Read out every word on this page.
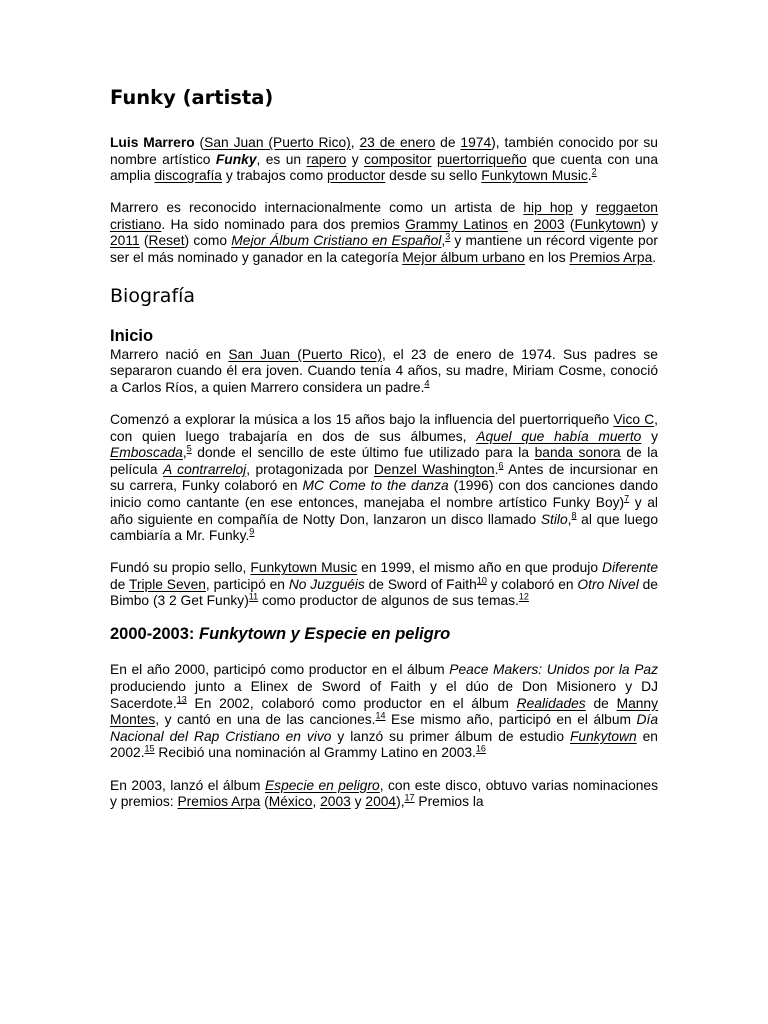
Funky (artista)

Luis Marrero (San Juan (Puerto Rico), 23 de enero de 1974), también conocido por su nombre artístico Funky, es un rapero y compositor puertorriqueño que cuenta con una amplia discografía y trabajos como productor desde su sello Funkytown Music.$^2$

Marrero es reconocido internacionalmente como un artista de hip hop y reggaeton cristiano. Ha sido nominado para dos premios Grammy Latinos en 2003 (Funkytown) y 2011 (Reset) como Mejor Álbum Cristiano en Español,$^3$ y mantiene un récord vigente por ser el más nominado y ganador en la categoría Mejor álbum urbano en los Premios Arpa.

Biografía
Inicio

Marrero nació en San Juan (Puerto Rico), el 23 de enero de 1974. Sus padres se separaron cuando él era joven. Cuando tenía 4 años, su madre, Miriam Cosme, conoció a Carlos Ríos, a quien Marrero considera un padre.$^4$

Comenzó a explorar la música a los 15 años bajo la influencia del puertorriqueño Vico C, con quien luego trabajaría en dos de sus álbumes, Aquel que había muerto y Emboscada,$^5$ donde el sencillo de este último fue utilizado para la banda sonora de la película A contrarreloj, protagonizada por Denzel Washington.$^6$ Antes de incursionar en su carrera, Funky colaboró en MC Come to the danza (1996) con dos canciones dando inicio como cantante (en ese entonces, manejaba el nombre artístico Funky Boy)$^7$ y al año siguiente en compañía de Notty Don, lanzaron un disco llamado Stilo,$^8$ al que luego cambiaría a Mr. Funky.$^9$

Fundó su propio sello, Funkytown Music en 1999, el mismo año en que produjo Diferente de Triple Seven, participó en No Juzguéis de Sword of Faith$^{10}$ y colaboró en Otro Nivel de Bimbo (3 2 Get Funky)$^{11}$ como productor de algunos de sus temas.$^{12}$

2000-2003: Funkytown y Especie en peligro

En el año 2000, participó como productor en el álbum Peace Makers: Unidos por la Paz produciendo junto a Elinex de Sword of Faith y el dúo de Don Misionero y DJ Sacerdote.$^{13}$ En 2002, colaboró como productor en el álbum Realidades de Manny Montes, y cantó en una de las canciones.$^{14}$ Ese mismo año, participó en el álbum Día Nacional del Rap Cristiano en vivo y lanzó su primer álbum de estudio Funkytown en 2002.15 Recibió una nominación al Grammy Latino en 2003.16

En 2003, lanzó el álbum Especie en peligro, con este disco, obtuvo varias nominaciones y premios: Premios Arpa (México, 2003 y 2004),$^{17}$ Premios la
